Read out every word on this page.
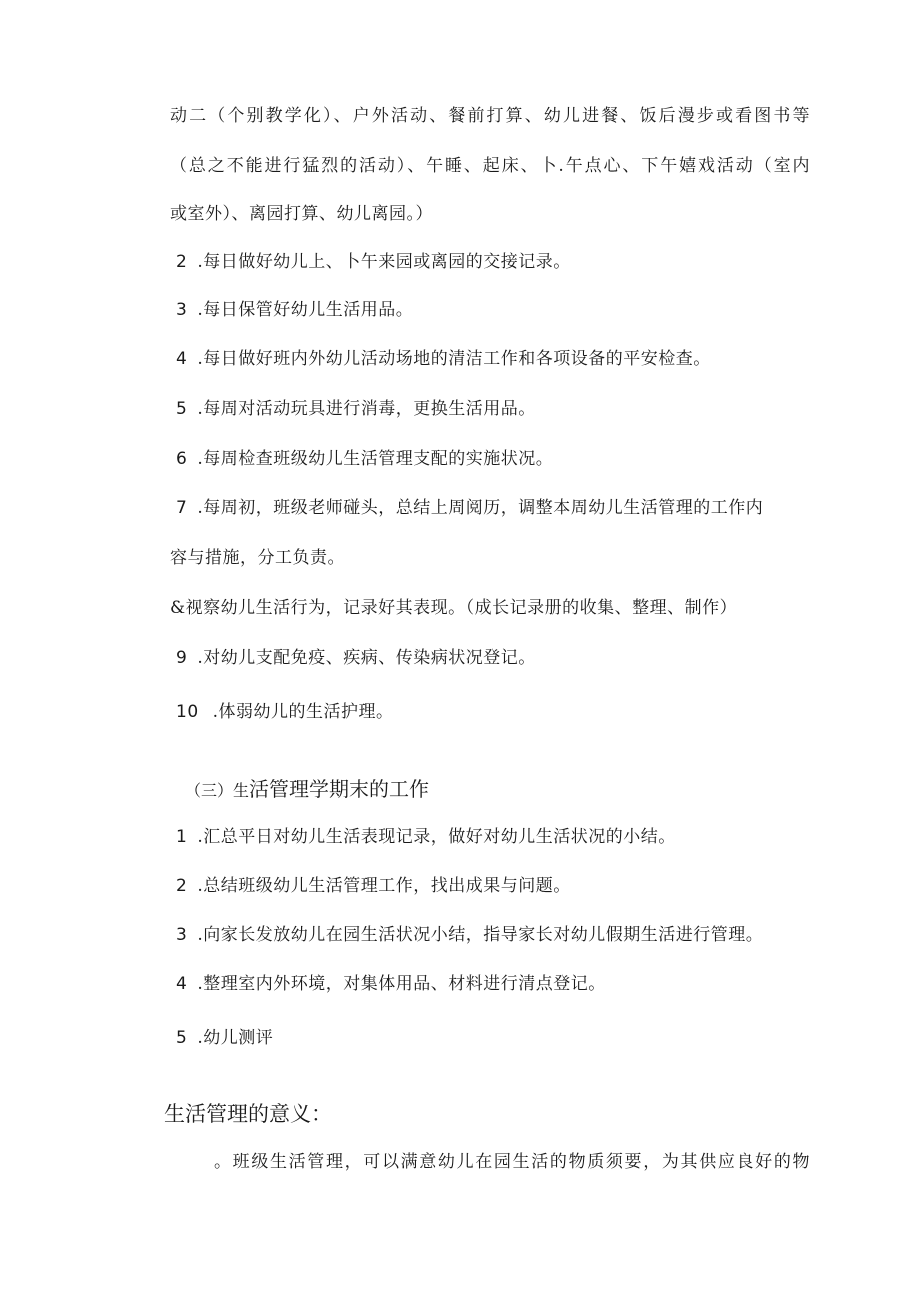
动二（个别教学化）、户外活动、餐前打算、幼儿进餐、饭后漫步或看图书等
（总之不能进行猛烈的活动）、午睡、起床、卜.午点心、下午嬉戏活动（室内
或室外）、离园打算、幼儿离园。）
2 .每日做好幼儿上、卜午来园或离园的交接记录。
3 .每日保管好幼儿生活用品。
4 .每日做好班内外幼儿活动场地的清洁工作和各项设备的平安检查。
5 .每周对活动玩具进行消毒，更换生活用品。
6 .每周检查班级幼儿生活管理支配的实施状况。
7 .每周初，班级老师碰头，总结上周阅历，调整本周幼儿生活管理的工作内
容与措施，分工负责。
&视察幼儿生活行为，记录好其表现。（成长记录册的收集、整理、制作）
9 .对幼儿支配免疫、疾病、传染病状况登记。
10 .体弱幼儿的生活护理。
（三）生活管理学期末的工作
1 .汇总平日对幼儿生活表现记录，做好对幼儿生活状况的小结。
2 .总结班级幼儿生活管理工作，找出成果与问题。
3 .向家长发放幼儿在园生活状况小结，指导家长对幼儿假期生活进行管理。
4 .整理室内外环境，对集体用品、材料进行清点登记。
5 .幼儿测评
生活管理的意义：
。班级生活管理，可以满意幼儿在园生活的物质须要，为其供应良好的物
